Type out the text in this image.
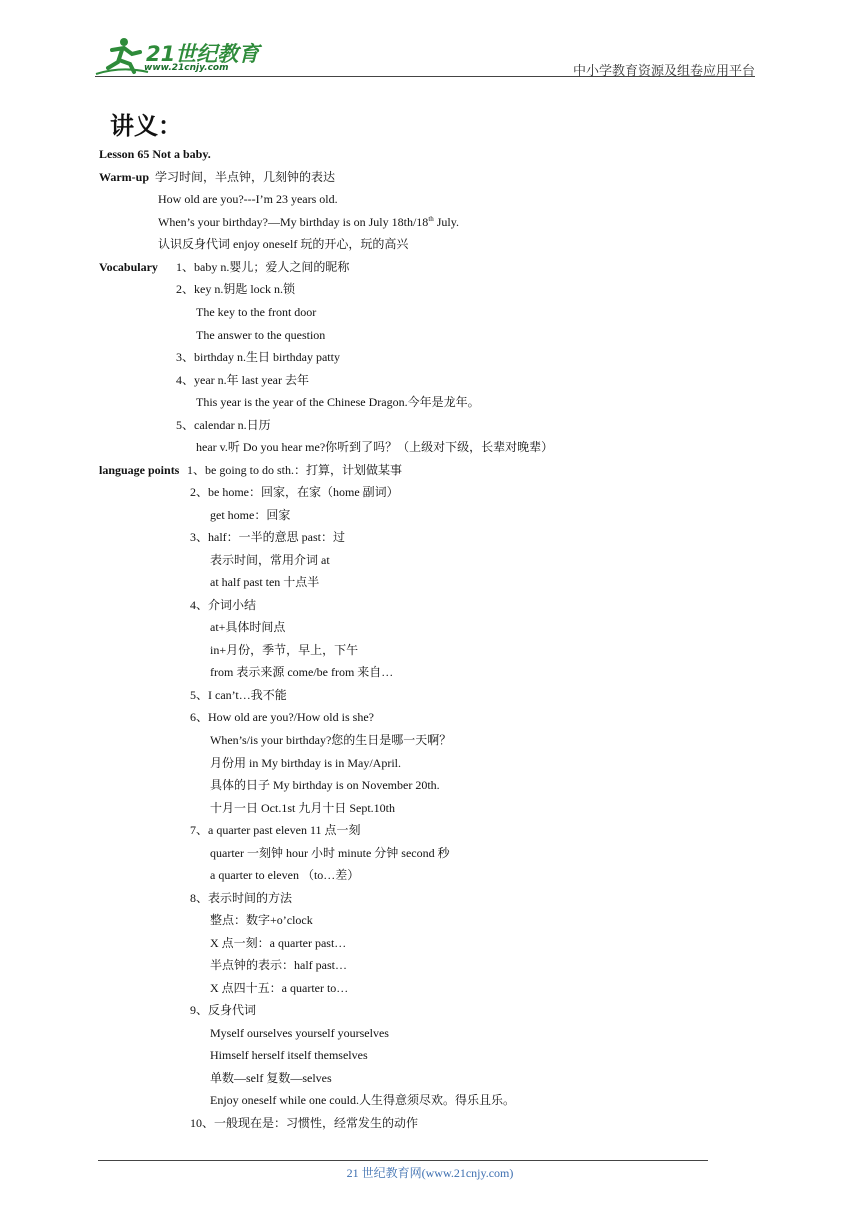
21世纪教育
www.21cnjy.com	中小学教育资源及组卷应用平台
讲义：
Lesson 65 Not a baby.
Warm-up 学习时间，半点钟，几刻钟的表达
How old are you?---I’m 23 years old.
When’s your birthday?—My birthday is on July 18th/18th July.
认识反身代词 enjoy oneself 玩的开心，玩的高兴
Vocabulary 1、baby n.婴儿；爱人之间的昵称
2、key n.钥匙 lock n.锁
The key to the front door
The answer to the question
3、birthday n.生日 birthday patty
4、year n.年 last year 去年
This year is the year of the Chinese Dragon.今年是龙年。
5、calendar n.日历
hear v.听 Do you hear me?你听到了吗？（上级对下级，长辈对晚辈）
language points 1、be going to do sth.：打算，计划做某事
2、be home：回家，在家（home 副词）
get home：回家
3、half：一半的意思 past：过
表示时间，常用介词 at
at half past ten 十点半
4、介词小结
at+具体时间点
in+月份，季节，早上，下午
from 表示来源 come/be from 来自…
5、I can’t…我不能
6、How old are you?/How old is she?
When’s/is your birthday?您的生日是哪一天啊？
月份用 in My birthday is in May/April.
具体的日子 My birthday is on November 20th.
十月一日 Oct.1st 九月十日 Sept.10th
7、a quarter past eleven 11 点一刻
quarter 一刻钟 hour 小时 minute 分钟 second 秒
a quarter to eleven （to…差）
8、表示时间的方法
整点：数字+o’clock
X 点一刻：a quarter past…
半点钟的表示：half past…
X 点四十五：a quarter to…
9、反身代词
Myself ourselves yourself yourselves
Himself herself itself themselves
单数—self 复数—selves
Enjoy oneself while one could.人生得意须尽欢。得乐且乐。
10、一般现在是：习惯性，经常发生的动作
21 世纪教育网(www.21cnjy.com)
